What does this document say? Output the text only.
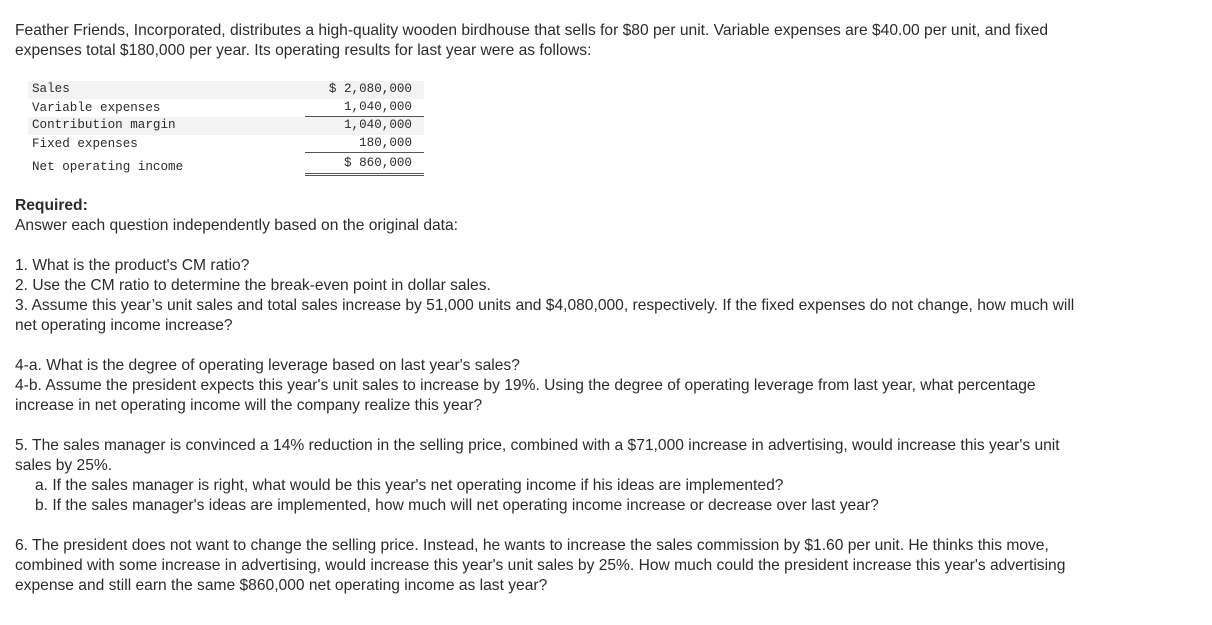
Feather Friends, Incorporated, distributes a high-quality wooden birdhouse that sells for $80 per unit. Variable expenses are $40.00 per unit, and fixed expenses total $180,000 per year. Its operating results for last year were as follows:

Sales	$ 2,080,000
Variable expenses	1,040,000
Contribution margin	1,040,000
Fixed expenses	180,000
Net operating income	$ 860,000

Required:

Answer each question independently based on the original data:

1. What is the product's CM ratio?

2. Use the CM ratio to determine the break-even point in dollar sales.

3. Assume this year’s unit sales and total sales increase by 51,000 units and $4,080,000, respectively. If the fixed expenses do not change, how much will net operating income increase?

4-a. What is the degree of operating leverage based on last year's sales?

4-b. Assume the president expects this year's unit sales to increase by 19%. Using the degree of operating leverage from last year, what percentage increase in net operating income will the company realize this year?

5. The sales manager is convinced a 14% reduction in the selling price, combined with a $71,000 increase in advertising, would increase this year's unit sales by 25%.

a. If the sales manager is right, what would be this year's net operating income if his ideas are implemented?

b. If the sales manager's ideas are implemented, how much will net operating income increase or decrease over last year?

6. The president does not want to change the selling price. Instead, he wants to increase the sales commission by $1.60 per unit. He thinks this move, combined with some increase in advertising, would increase this year's unit sales by 25%. How much could the president increase this year's advertising expense and still earn the same $860,000 net operating income as last year?
